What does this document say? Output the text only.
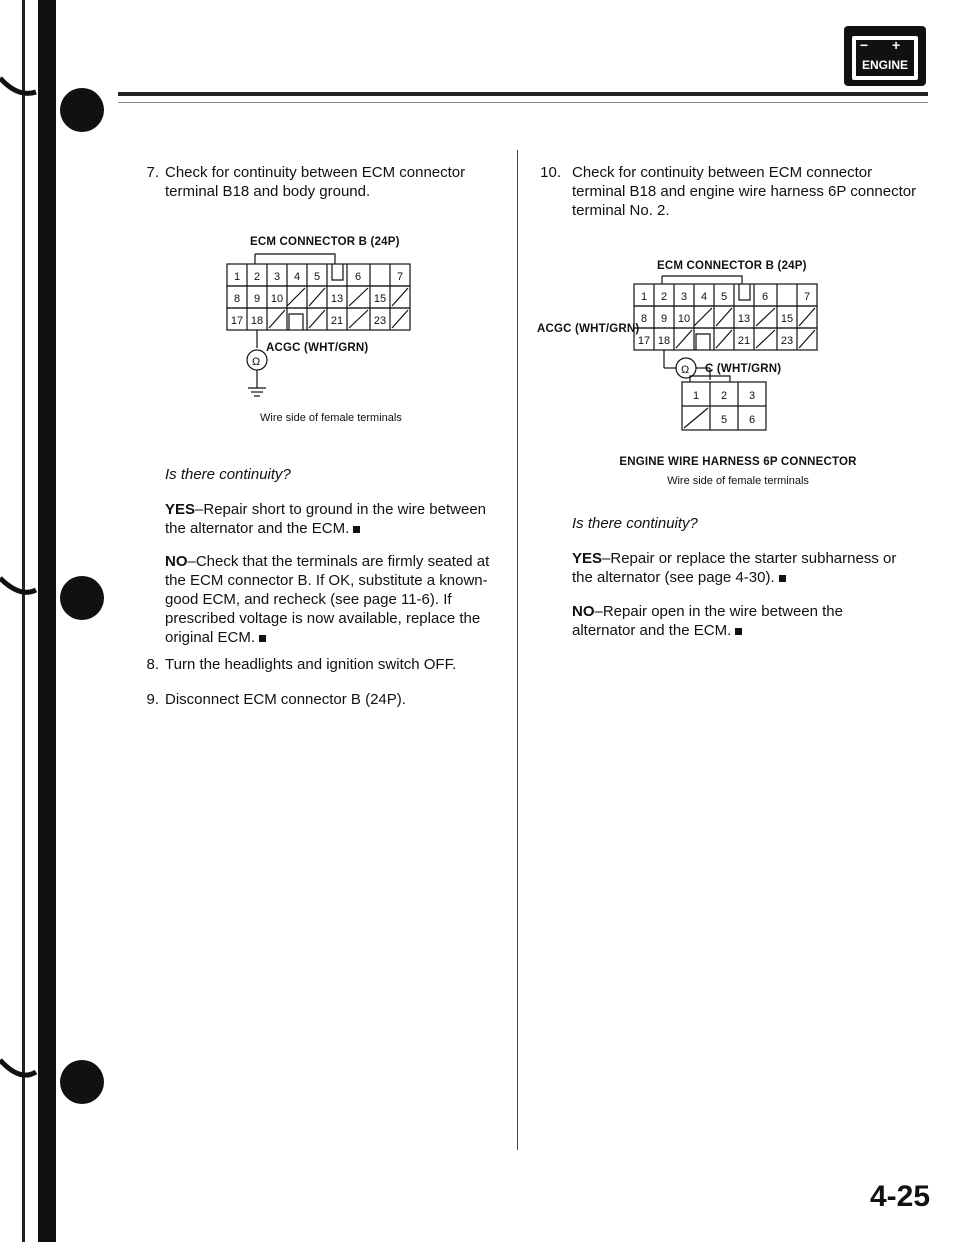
− +
ENGINE
7. Check for continuity between ECM connector terminal B18 and body ground.
ECM CONNECTOR B (24P)
Ω
1 2 3 4 5	6	7
8 9 10	13	15
17 18	21	23
ACGC (WHT/GRN)
Wire side of female terminals
Is there continuity?
YES–Repair short to ground in the wire between the alternator and the ECM.
NO–Check that the terminals are firmly seated at the ECM connector B. If OK, substitute a known-good ECM, and recheck (see page 11-6). If prescribed voltage is now available, replace the original ECM.
8. Turn the headlights and ignition switch OFF.
9. Disconnect ECM connector B (24P).
10. Check for continuity between ECM connector terminal B18 and engine wire harness 6P connector terminal No. 2.
ECM CONNECTOR B (24P)
Ω
1 2 3 4 5	6	7
8 9 10	13	15
17 18	21	23
1 2 3
5 6
ACGC (WHT/GRN)
C (WHT/GRN)
ENGINE WIRE HARNESS 6P CONNECTOR
Wire side of female terminals
Is there continuity?
YES–Repair or replace the starter subharness or the alternator (see page 4-30).
NO–Repair open in the wire between the alternator and the ECM.
4-25
